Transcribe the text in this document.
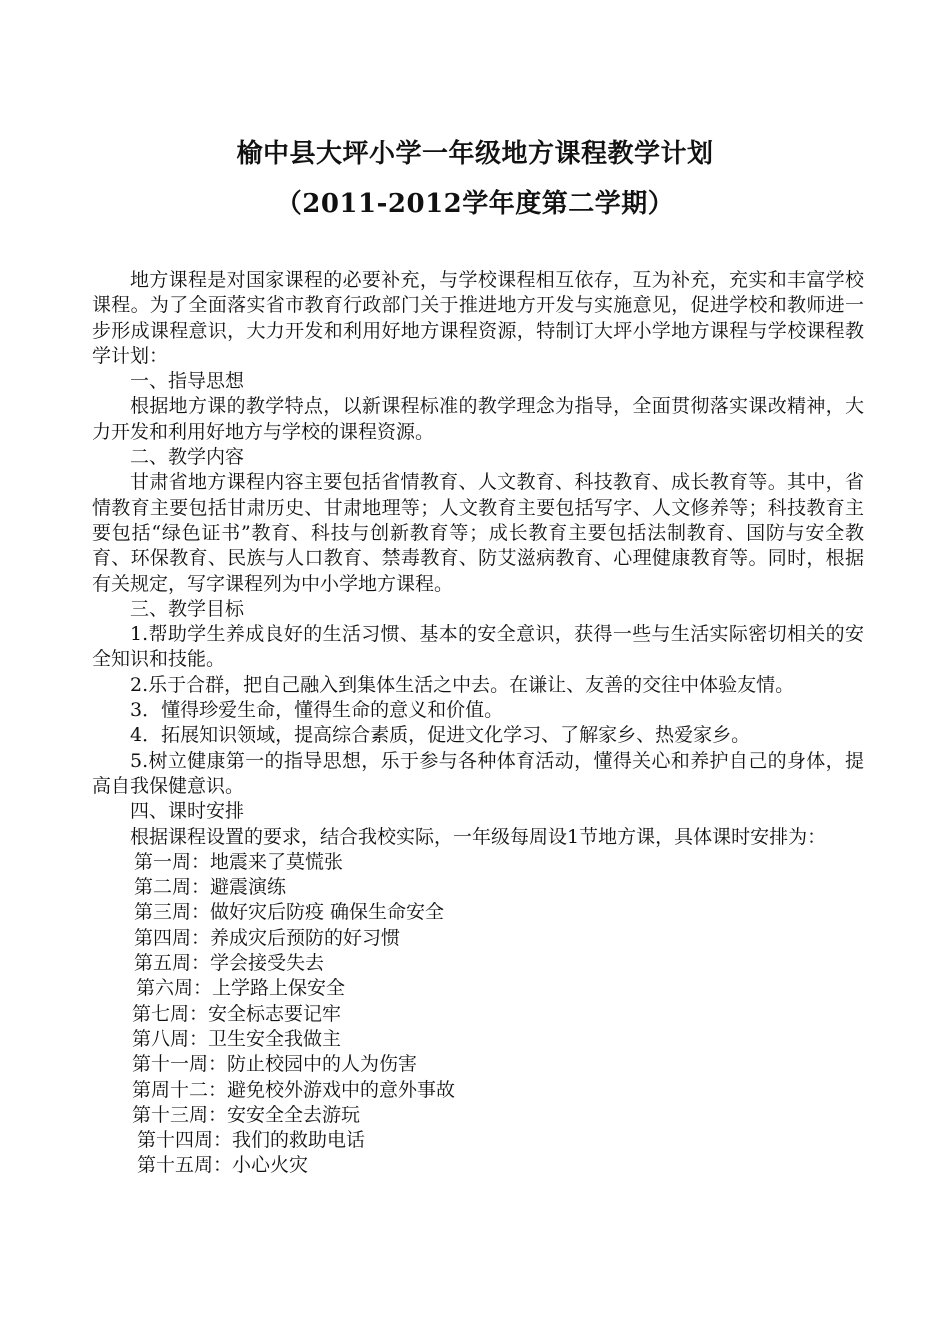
榆中县大坪小学一年级地方课程教学计划
（2011-2012学年度第二学期）

地方课程是对国家课程的必要补充，与学校课程相互依存，互为补充，充实和丰富学校课程。为了全面落实省市教育行政部门关于推进地方开发与实施意见，促进学校和教师进一步形成课程意识，大力开发和利用好地方课程资源，特制订大坪小学地方课程与学校课程教学计划：

一、指导思想

根据地方课的教学特点，以新课程标准的教学理念为指导，全面贯彻落实课改精神，大力开发和利用好地方与学校的课程资源。

二、教学内容

甘肃省地方课程内容主要包括省情教育、人文教育、科技教育、成长教育等。其中，省情教育主要包括甘肃历史、甘肃地理等；人文教育主要包括写字、人文修养等；科技教育主要包括“绿色证书”教育、科技与创新教育等；成长教育主要包括法制教育、国防与安全教育、环保教育、民族与人口教育、禁毒教育、防艾滋病教育、心理健康教育等。同时，根据有关规定，写字课程列为中小学地方课程。

三、教学目标

1.帮助学生养成良好的生活习惯、基本的安全意识，获得一些与生活实际密切相关的安全知识和技能。

2.乐于合群，把自己融入到集体生活之中去。在谦让、友善的交往中体验友情。

3．懂得珍爱生命，懂得生命的意义和价值。

4．拓展知识领域，提高综合素质，促进文化学习、了解家乡、热爱家乡。

5.树立健康第一的指导思想，乐于参与各种体育活动，懂得关心和养护自己的身体，提高自我保健意识。

四、课时安排

根据课程设置的要求，结合我校实际，一年级每周设1节地方课，具体课时安排为：

第一周：地震来了莫慌张

第二周：避震演练

第三周：做好灾后防疫 确保生命安全

第四周：养成灾后预防的好习惯

第五周：学会接受失去

第六周：上学路上保安全

第七周：安全标志要记牢

第八周：卫生安全我做主

第十一周：防止校园中的人为伤害

第周十二：避免校外游戏中的意外事故

第十三周：安安全全去游玩

第十四周：我们的救助电话

第十五周：小心火灾
